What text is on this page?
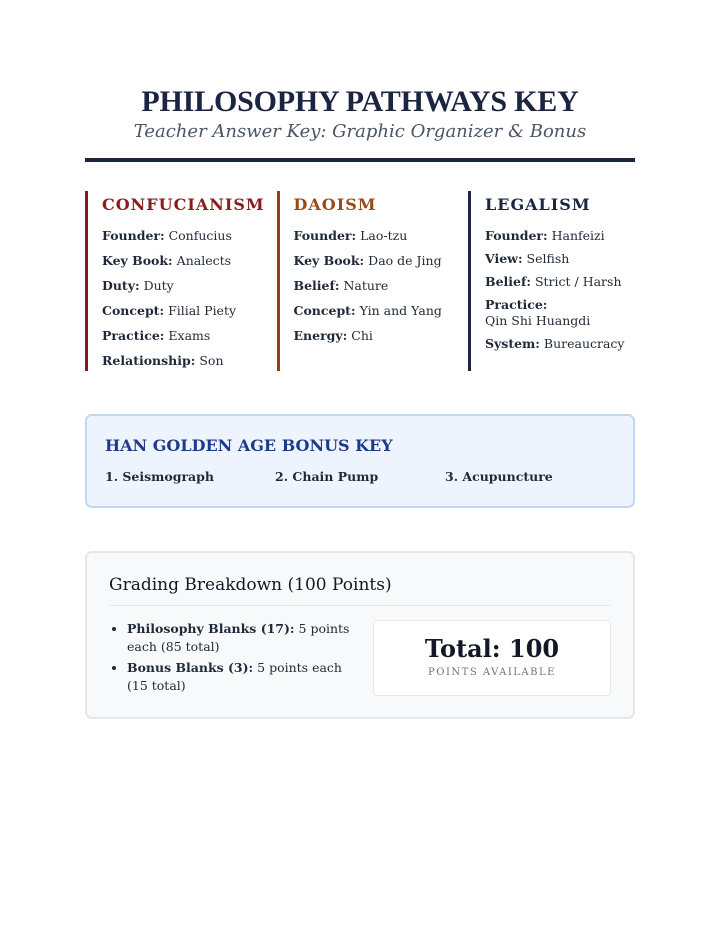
PHILOSOPHY PATHWAYS KEY
Teacher Answer Key: Graphic Organizer & Bonus
CONFUCIANISM
Founder: Confucius
Key Book: Analects
Duty: Duty
Concept: Filial Piety
Practice: Exams
Relationship: Son
DAOISM
Founder: Lao-tzu
Key Book: Dao de Jing
Belief: Nature
Concept: Yin and Yang
Energy: Chi
LEGALISM
Founder: Hanfeizi
View: Selfish
Belief: Strict / Harsh
Practice:
Qin Shi Huangdi
System: Bureaucracy
HAN GOLDEN AGE BONUS KEY
1. Seismograph	2. Chain Pump	3. Acupuncture
Grading Breakdown (100 Points)
• Philosophy Blanks (17): 5 points each (85 total)
• Bonus Blanks (3): 5 points each (15 total)
Total: 100
POINTS AVAILABLE
